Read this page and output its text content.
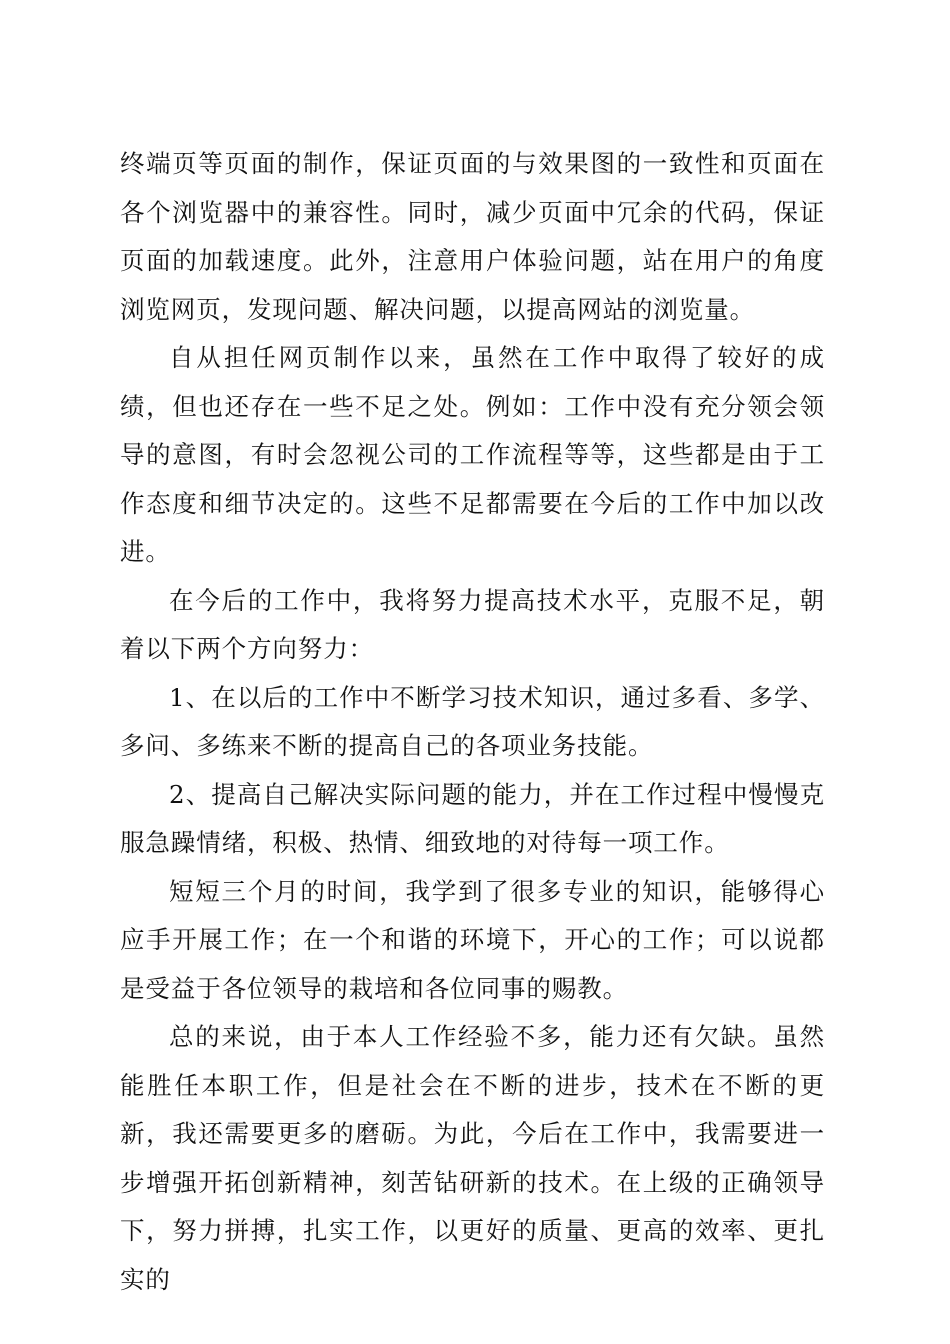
终端页等页面的制作，保证页面的与效果图的一致性和页面在各个浏览器中的兼容性。同时，减少页面中冗余的代码，保证页面的加载速度。此外，注意用户体验问题，站在用户的角度浏览网页，发现问题、解决问题，以提高网站的浏览量。

自从担任网页制作以来，虽然在工作中取得了较好的成绩，但也还存在一些不足之处。例如：工作中没有充分领会领导的意图，有时会忽视公司的工作流程等等，这些都是由于工作态度和细节决定的。这些不足都需要在今后的工作中加以改进。

在今后的工作中，我将努力提高技术水平，克服不足，朝着以下两个方向努力：

1、在以后的工作中不断学习技术知识，通过多看、多学、多问、多练来不断的提高自己的各项业务技能。

2、提高自己解决实际问题的能力，并在工作过程中慢慢克服急躁情绪，积极、热情、细致地的对待每一项工作。

短短三个月的时间，我学到了很多专业的知识，能够得心应手开展工作；在一个和谐的环境下，开心的工作；可以说都是受益于各位领导的栽培和各位同事的赐教。

总的来说，由于本人工作经验不多，能力还有欠缺。虽然能胜任本职工作，但是社会在不断的进步，技术在不断的更新，我还需要更多的磨砺。为此，今后在工作中，我需要进一步增强开拓创新精神，刻苦钻研新的技术。在上级的正确领导下，努力拼搏，扎实工作，以更好的质量、更高的效率、更扎实的
